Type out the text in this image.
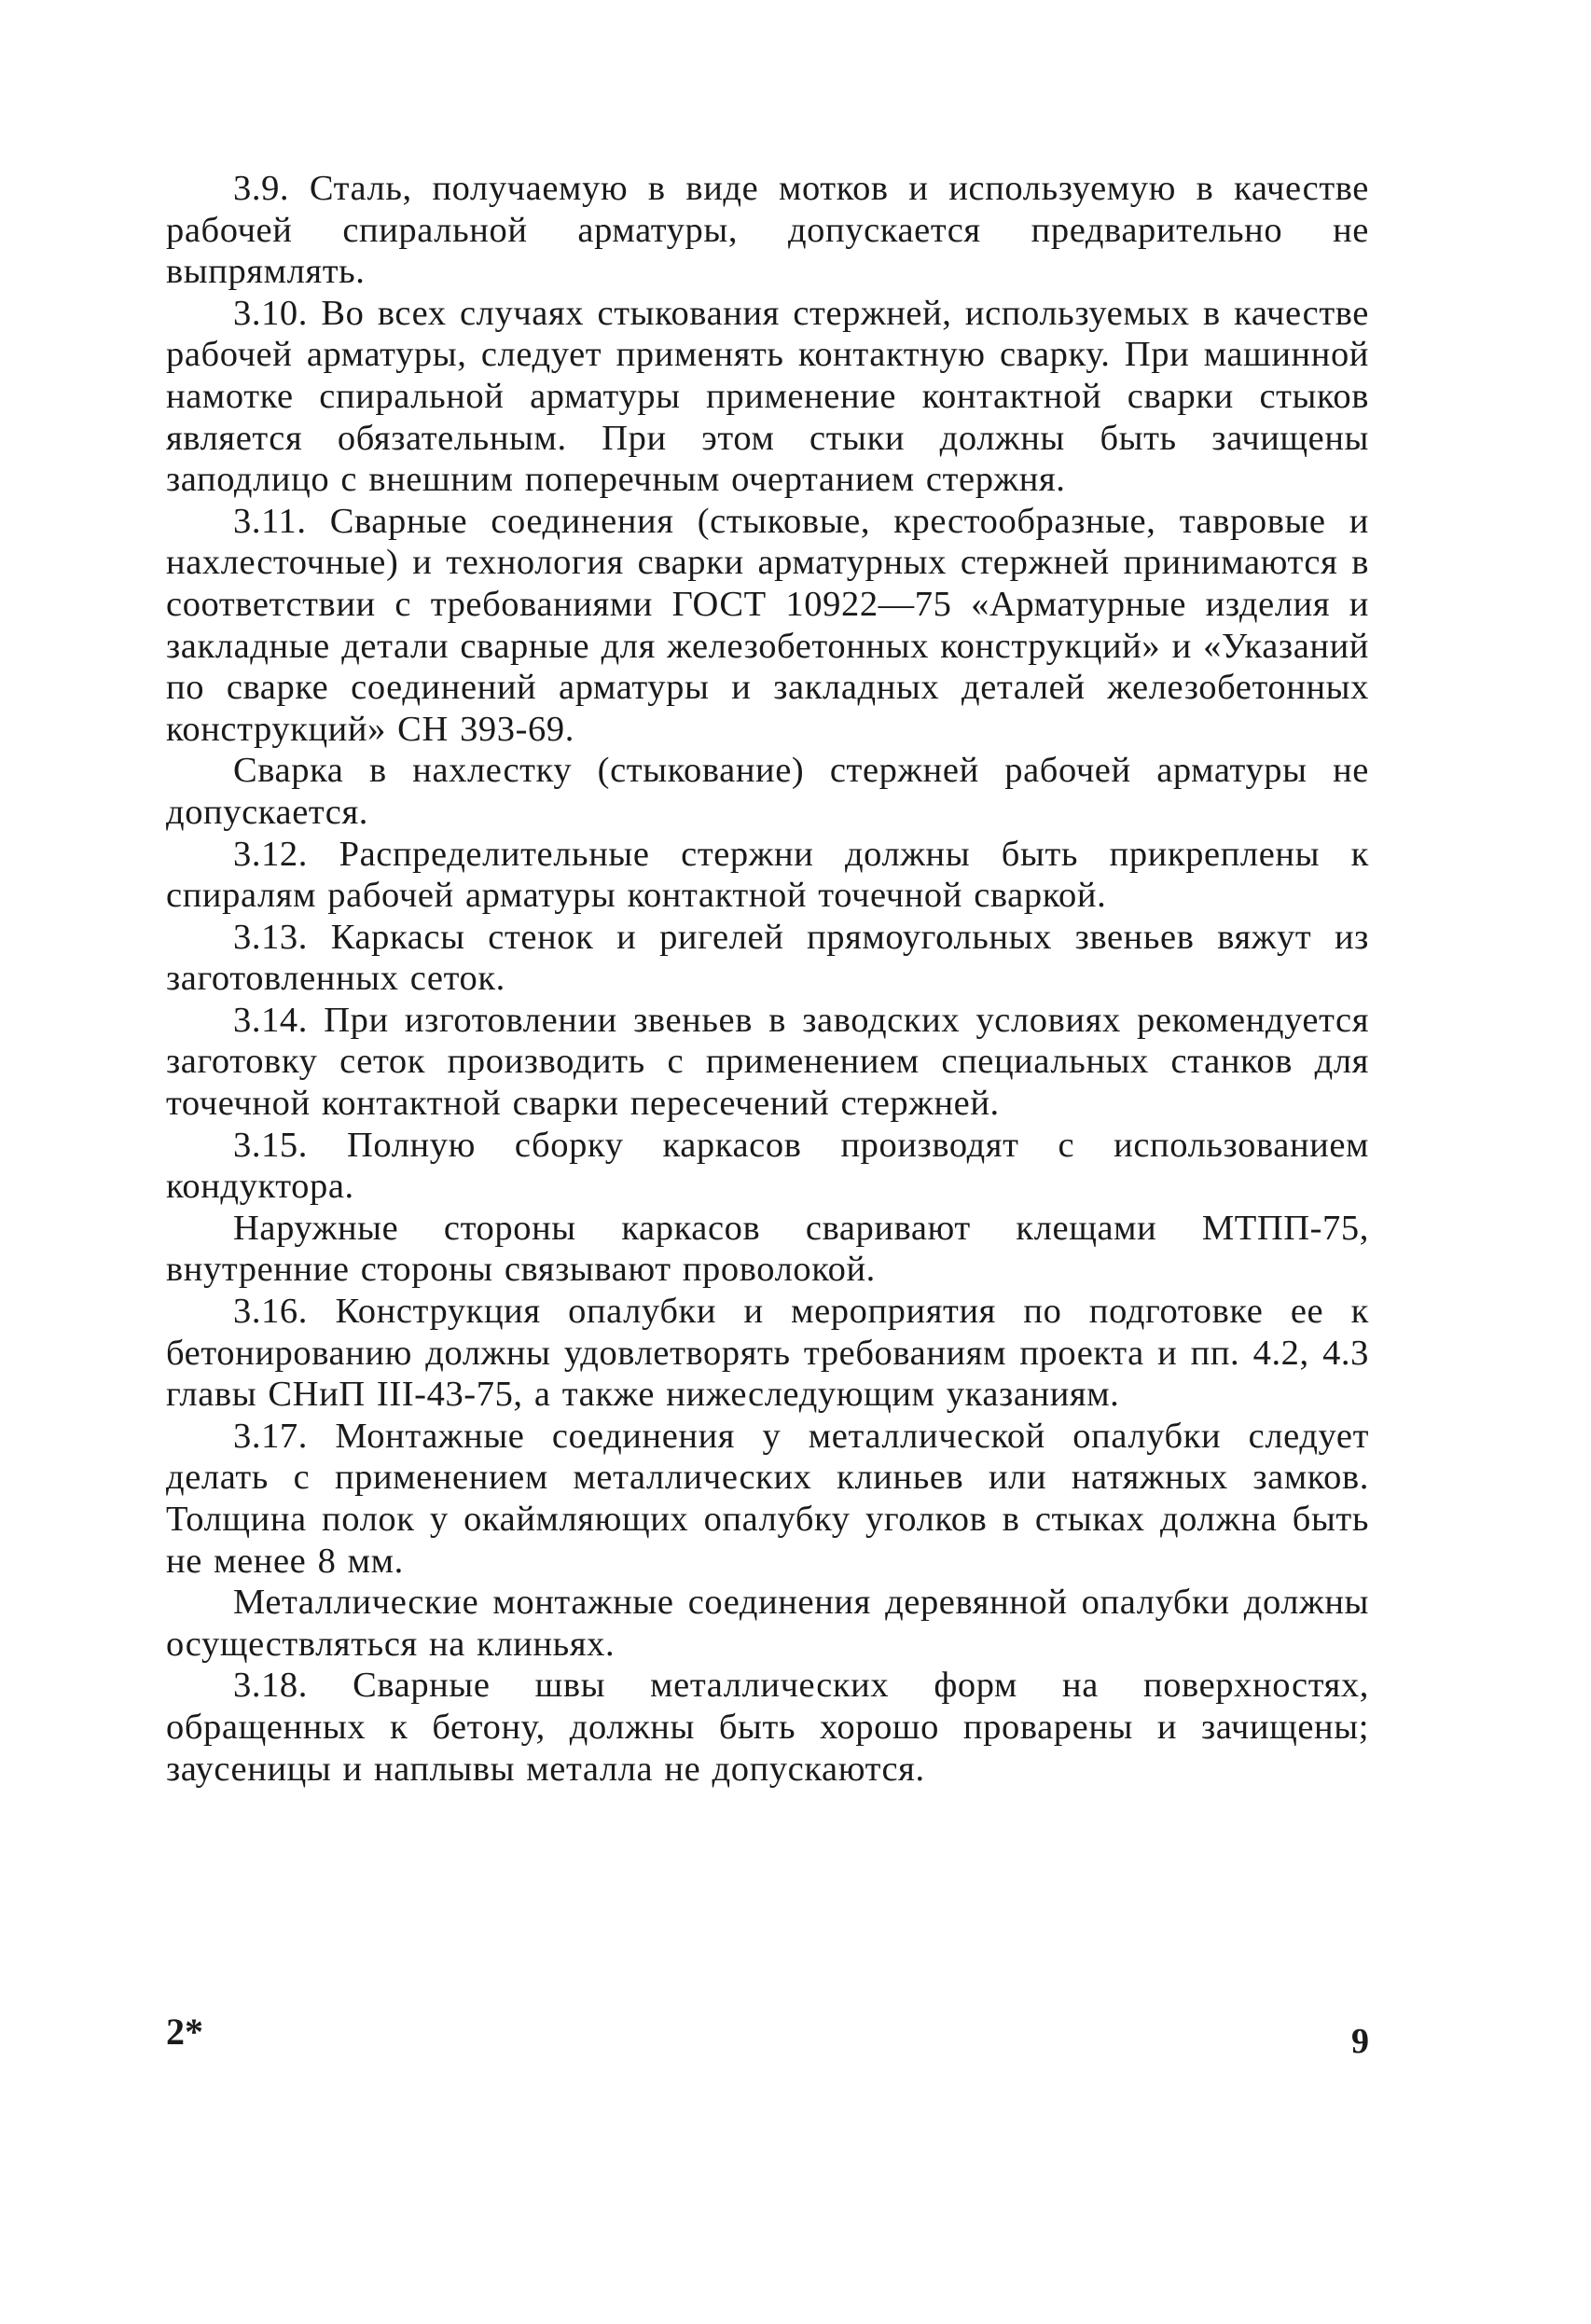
3.9. Сталь, получаемую в виде мотков и используемую в качестве рабочей спиральной арматуры, допускается предварительно не выпрямлять.

3.10. Во всех случаях стыкования стержней, используемых в качестве рабочей арматуры, следует применять контактную сварку. При машинной намотке спиральной арматуры применение контактной сварки стыков является обязательным. При этом стыки должны быть зачищены заподлицо с внешним поперечным очертанием стержня.

3.11. Сварные соединения (стыковые, крестообразные, тавровые и нахлесточные) и технология сварки арматурных стержней принимаются в соответствии с требованиями ГОСТ 10922—75 «Арматурные изделия и закладные детали сварные для железобетонных конструкций» и «Указаний по сварке соединений арматуры и закладных деталей железобетонных конструкций» СН 393-69.

Сварка в нахлестку (стыкование) стержней рабочей арматуры не допускается.

3.12. Распределительные стержни должны быть прикреплены к спиралям рабочей арматуры контактной точечной сваркой.

3.13. Каркасы стенок и ригелей прямоугольных звеньев вяжут из заготовленных сеток.

3.14. При изготовлении звеньев в заводских условиях рекомендуется заготовку сеток производить с применением специальных станков для точечной контактной сварки пересечений стержней.

3.15. Полную сборку каркасов производят с использованием кондуктора.

Наружные стороны каркасов сваривают клещами МТПП-75, внутренние стороны связывают проволокой.

3.16. Конструкция опалубки и мероприятия по подготовке ее к бетонированию должны удовлетворять требованиям проекта и пп. 4.2, 4.3 главы СНиП III-43-75, а также нижеследующим указаниям.

3.17. Монтажные соединения у металлической опалубки следует делать с применением металлических клиньев или натяжных замков. Толщина полок у окаймляющих опалубку уголков в стыках должна быть не менее 8 мм.

Металлические монтажные соединения деревянной опалубки должны осуществляться на клиньях.

3.18. Сварные швы металлических форм на поверхностях, обращенных к бетону, должны быть хорошо проварены и зачищены; заусеницы и наплывы металла не допускаются.

2*	9
